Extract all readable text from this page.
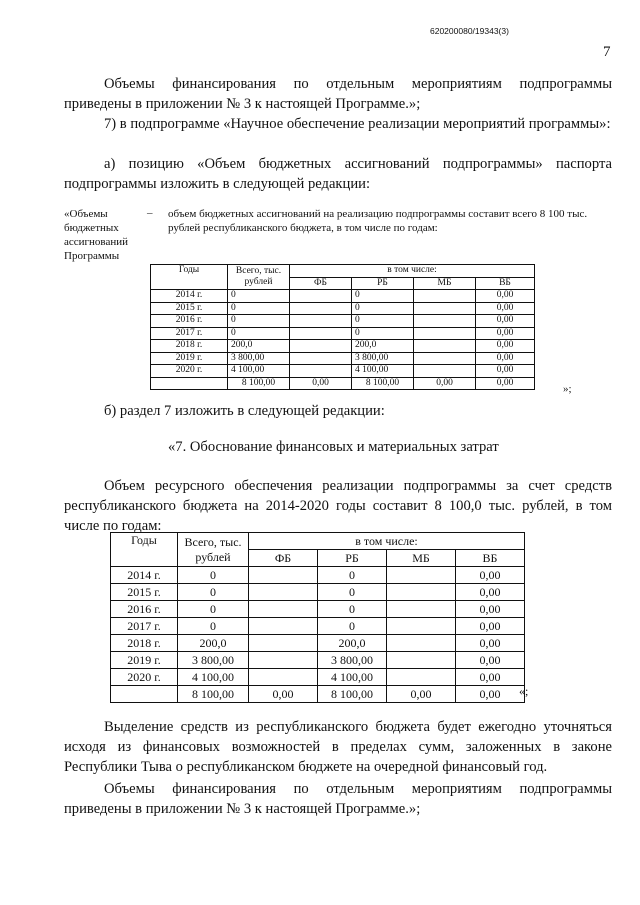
620200080/19343(3)
7
Объемы финансирования по отдельным мероприятиям подпрограммы приведены в приложении № 3 к настоящей Программе.»;
7) в подпрограмме «Научное обеспечение реализации мероприятий программы»:
а) позицию «Объем бюджетных ассигнований подпрограммы» паспорта подпрограммы изложить в следующей редакции:
«Объемы бюджетных ассигнований Программы
– объем бюджетных ассигнований на реализацию подпрограммы составит всего 8 100 тыс. рублей республиканского бюджета, в том числе по годам:
Годы	Всего, тыс. рублей	в том числе:			
		ФБ	РБ	МБ	ВБ
2014 г.	0		0		0,00
2015 г.	0		0		0,00
2016 г.	0		0		0,00
2017 г.	0		0		0,00
2018 г.	200,0		200,0		0,00
2019 г.	3 800,00		3 800,00		0,00
2020 г.	4 100,00		4 100,00		0,00
	8 100,00	0,00	8 100,00	0,00	0,00
»;
б) раздел 7 изложить в следующей редакции:
«7. Обоснование финансовых и материальных затрат
Объем ресурсного обеспечения реализации подпрограммы за счет средств республиканского бюджета на 2014-2020 годы составит 8 100,0 тыс. рублей, в том числе по годам:
Годы	Всего, тыс. рублей	в том числе:			
		ФБ	РБ	МБ	ВБ
2014 г.	0		0		0,00
2015 г.	0		0		0,00
2016 г.	0		0		0,00
2017 г.	0		0		0,00
2018 г.	200,0		200,0		0,00
2019 г.	3 800,00		3 800,00		0,00
2020 г.	4 100,00		4 100,00		0,00
	8 100,00	0,00	8 100,00	0,00	0,00 «;
Выделение средств из республиканского бюджета будет ежегодно уточняться исходя из финансовых возможностей в пределах сумм, заложенных в законе Республики Тыва о республиканском бюджете на очередной финансовый год.
Объемы финансирования по отдельным мероприятиям подпрограммы приведены в приложении № 3 к настоящей Программе.»;
